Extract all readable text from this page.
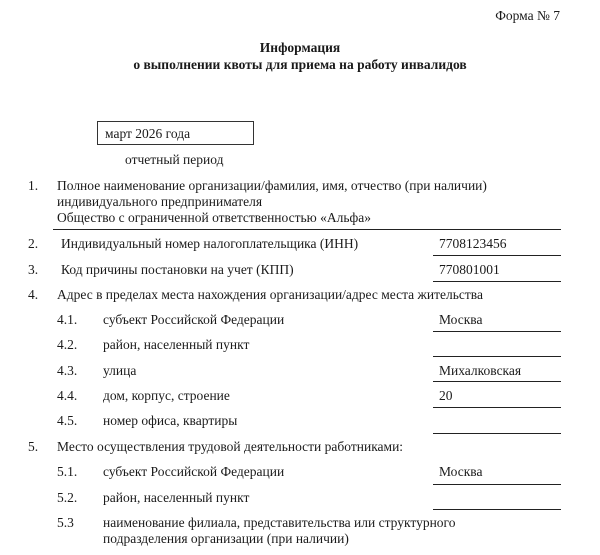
Форма № 7
Информация
о выполнении квоты для приема на работу инвалидов
март 2026 года
отчетный период
1. Полное наименование организации/фамилия, имя, отчество (при наличии)
индивидуального предпринимателя
Общество с ограниченной ответственностью «Альфа»
2. Индивидуальный номер налогоплательщика (ИНН)	7708123456
3. Код причины постановки на учет (КПП)	770801001
4. Адрес в пределах места нахождения организации/адрес места жительства
4.1. субъект Российской Федерации	Москва
4.2. район, населенный пункт
4.3. улица	Михалковская
4.4. дом, корпус, строение	20
4.5. номер офиса, квартиры
5. Место осуществления трудовой деятельности работниками:
5.1. субъект Российской Федерации	Москва
5.2. район, населенный пункт
5.3 наименование филиала, представительства или структурного
подразделения организации (при наличии)
